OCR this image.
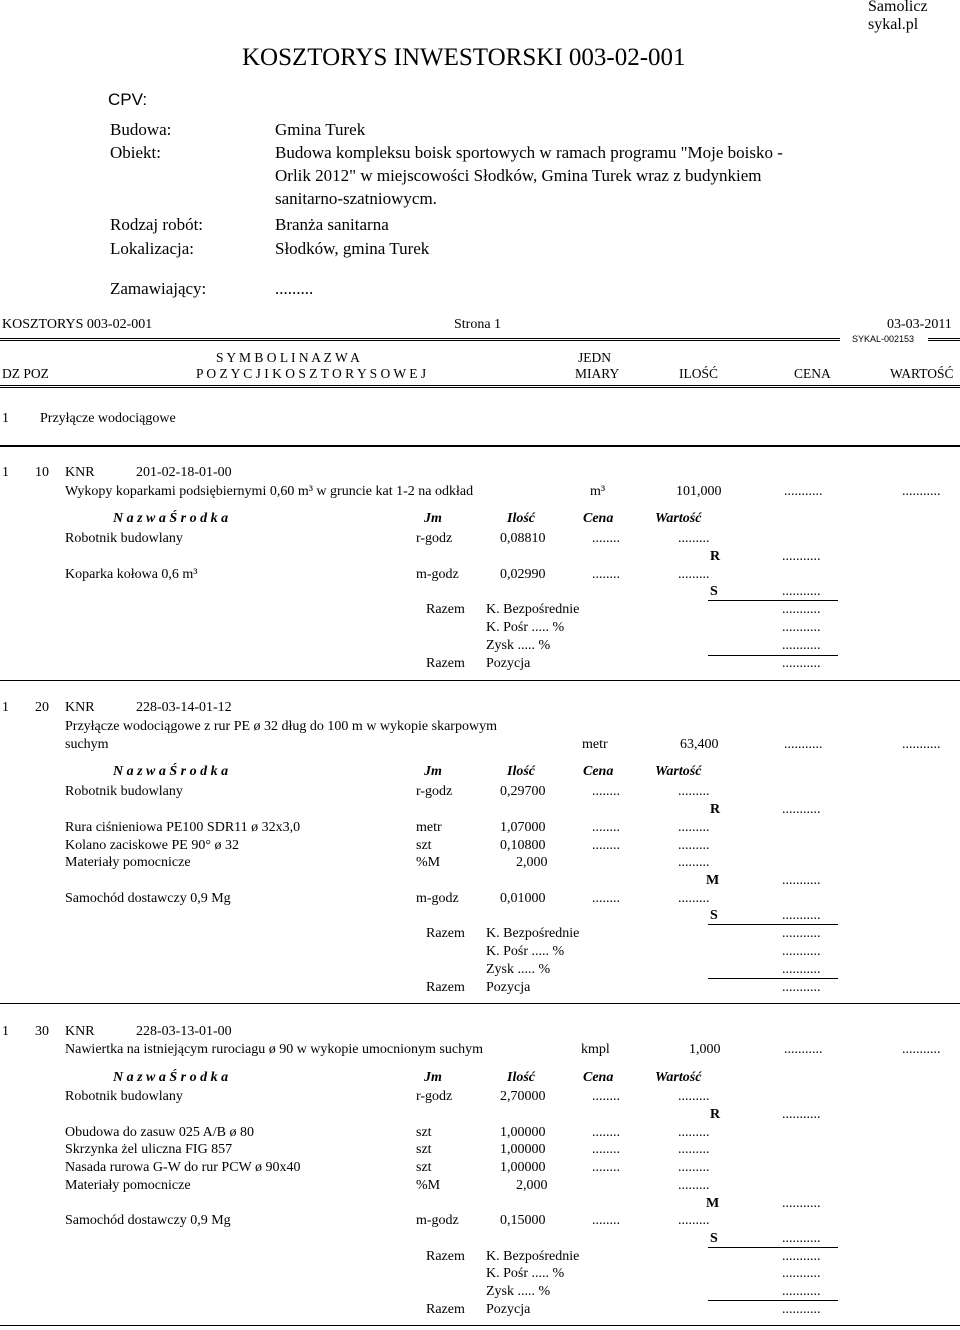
Samolicz
sykal.pl
KOSZTORYS INWESTORSKI 003-02-001
CPV:
Budowa:	Gmina Turek
Obiekt:	Budowa kompleksu boisk sportowych w ramach programu "Moje boisko -
Orlik 2012" w miejscowości Słodków, Gmina Turek wraz z budynkiem
sanitarno-szatniowycm.
Rodzaj robót:	Branża sanitarna
Lokalizacja:	Słodków, gmina Turek
Zamawiający:	.........
KOSZTORYS 003-02-001	Strona 1	03-03-2011
SYKAL-002153
S Y M B O L I N A Z W A	JEDN
DZ POZ	P O Z Y C J I K O S Z T O R Y S O W E J	MIARY	ILOŚĆ	CENA	WARTOŚĆ
1 Przyłącze wodociągowe
1 10 KNR	201-02-18-01-00
Wykopy koparkami podsiębiernymi 0,60 m³ w gruncie kat 1-2 na odkład	m³	101,000	...........	...........
N a z w a Ś r o d k a	Jm	Ilość	Cena	Wartość
Robotnik budowlany	r-godz	0,08810	........	.........
R	...........
Koparka kołowa 0,6 m³	m-godz	0,02990	........	.........
S	...........
Razem K. Bezpośrednie	...........
K. Pośr ..... %	...........
Zysk ..... %	...........
Razem Pozycja	...........
1 20 KNR	228-03-14-01-12
Przyłącze wodociągowe z rur PE ø 32 dług do 100 m w wykopie skarpowym
suchym	metr	63,400	...........	...........
N a z w a Ś r o d k a	Jm	Ilość	Cena	Wartość
Robotnik budowlany	r-godz	0,29700	........	.........
R	...........
Rura ciśnieniowa PE100 SDR11 ø 32x3,0	metr	1,07000	........	.........
Kolano zaciskowe PE 90° ø 32	szt	0,10800	........	.........
Materiały pomocnicze	%M	2,000	.........
M	...........
Samochód dostawczy 0,9 Mg	m-godz	0,01000	........	.........
S	...........
Razem K. Bezpośrednie	...........
K. Pośr ..... %	...........
Zysk ..... %	...........
Razem Pozycja	...........
1 30 KNR	228-03-13-01-00
Nawiertka na istniejącym rurociagu ø 90 w wykopie umocnionym suchym	kmpl	1,000	...........	...........
N a z w a Ś r o d k a	Jm	Ilość	Cena	Wartość
Robotnik budowlany	r-godz	2,70000	........	.........
R	...........
Obudowa do zasuw 025 A/B ø 80	szt	1,00000	........	.........
Skrzynka żel uliczna FIG 857	szt	1,00000	........	.........
Nasada rurowa G-W do rur PCW ø 90x40	szt	1,00000	........	.........
Materiały pomocnicze	%M	2,000	.........
M	...........
Samochód dostawczy 0,9 Mg	m-godz	0,15000	........	.........
S	...........
Razem K. Bezpośrednie	...........
K. Pośr ..... %	...........
Zysk ..... %	...........
Razem Pozycja	...........
